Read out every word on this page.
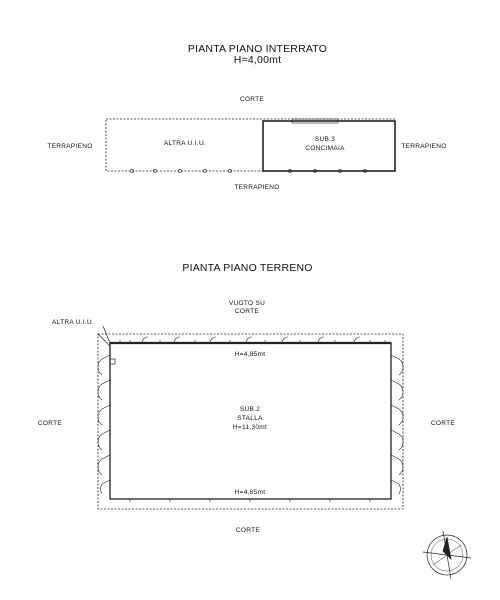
PIANTA PIANO INTERRATO
H=4,00mt
CORTE
TERRAPIENO	TERRAPIENO
TERRAPIENO
ALTRA U.I.U.
SUB.3
CONCIMAIA
PIANTA PIANO TERRENO
VUOTO SU
CORTE
ALTRA U.I.U.
CORTE	CORTE
H=4,85mt
SUB.2
STALLA
H=11,30mt
H=4,85mt
CORTE
